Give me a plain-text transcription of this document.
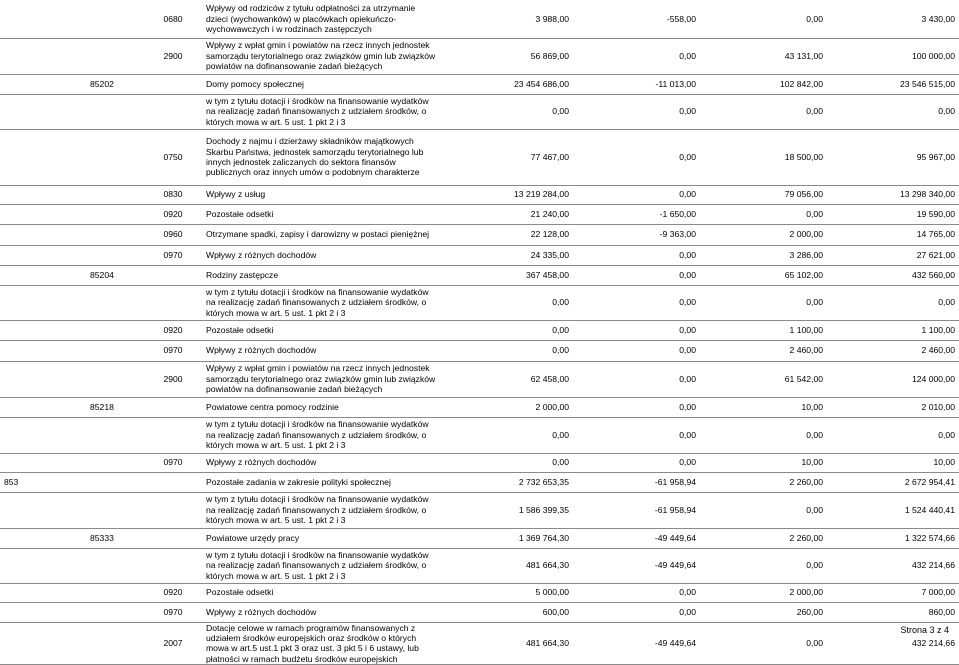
		0680	Wpływy od rodziców z tytułu odpłatności za utrzymanie dzieci (wychowanków) w placówkach opiekuńczo-wychowawczych i w rodzinach zastępczych	3 988,00	-558,00	0,00	3 430,00
		2900	Wpływy z wpłat gmin i powiatów na rzecz innych jednostek samorządu terytorialnego oraz związków gmin lub związków powiatów na dofinansowanie zadań bieżących	56 869,00	0,00	43 131,00	100 000,00
	85202		Domy pomocy społecznej	23 454 686,00	-11 013,00	102 842,00	23 546 515,00
			w tym z tytułu dotacji i środków na finansowanie wydatków na realizację zadań finansowanych z udziałem środków, o których mowa w art. 5 ust. 1 pkt 2 i 3	0,00	0,00	0,00	0,00
		0750	Dochody z najmu i dzierżawy składników majątkowych Skarbu Państwa, jednostek samorządu terytorialnego lub innych jednostek zaliczanych do sektora finansów publicznych oraz innych umów o podobnym charakterze	77 467,00	0,00	18 500,00	95 967,00
		0830	Wpływy z usług	13 219 284,00	0,00	79 056,00	13 298 340,00
		0920	Pozostałe odsetki	21 240,00	-1 650,00	0,00	19 590,00
		0960	Otrzymane spadki, zapisy i darowizny w postaci pieniężnej	22 128,00	-9 363,00	2 000,00	14 765,00
		0970	Wpływy z różnych dochodów	24 335,00	0,00	3 286,00	27 621,00
	85204		Rodziny zastępcze	367 458,00	0,00	65 102,00	432 560,00
			w tym z tytułu dotacji i środków na finansowanie wydatków na realizację zadań finansowanych z udziałem środków, o których mowa w art. 5 ust. 1 pkt 2 i 3	0,00	0,00	0,00	0,00
		0920	Pozostałe odsetki	0,00	0,00	1 100,00	1 100,00
		0970	Wpływy z różnych dochodów	0,00	0,00	2 460,00	2 460,00
		2900	Wpływy z wpłat gmin i powiatów na rzecz innych jednostek samorządu terytorialnego oraz związków gmin lub związków powiatów na dofinansowanie zadań bieżących	62 458,00	0,00	61 542,00	124 000,00
	85218		Powiatowe centra pomocy rodzinie	2 000,00	0,00	10,00	2 010,00
			w tym z tytułu dotacji i środków na finansowanie wydatków na realizację zadań finansowanych z udziałem środków, o których mowa w art. 5 ust. 1 pkt 2 i 3	0,00	0,00	0,00	0,00
		0970	Wpływy z różnych dochodów	0,00	0,00	10,00	10,00
853			Pozostałe zadania w zakresie polityki społecznej	2 732 653,35	-61 958,94	2 260,00	2 672 954,41
			w tym z tytułu dotacji i środków na finansowanie wydatków na realizację zadań finansowanych z udziałem środków, o których mowa w art. 5 ust. 1 pkt 2 i 3	1 586 399,35	-61 958,94	0,00	1 524 440,41
	85333		Powiatowe urzędy pracy	1 369 764,30	-49 449,64	2 260,00	1 322 574,66
			w tym z tytułu dotacji i środków na finansowanie wydatków na realizację zadań finansowanych z udziałem środków, o których mowa w art. 5 ust. 1 pkt 2 i 3	481 664,30	-49 449,64	0,00	432 214,66
		0920	Pozostałe odsetki	5 000,00	0,00	2 000,00	7 000,00
		0970	Wpływy z różnych dochodów	600,00	0,00	260,00	860,00
		2007	Dotacje celowe w ramach programów finansowanych z udziałem środków europejskich oraz środków o których mowa w art.5 ust.1 pkt 3 oraz ust. 3 pkt 5 i 6 ustawy, lub płatności w ramach budżetu środków europejskich	481 664,30	-49 449,64	0,00	432 214,66
Strona 3 z 4
